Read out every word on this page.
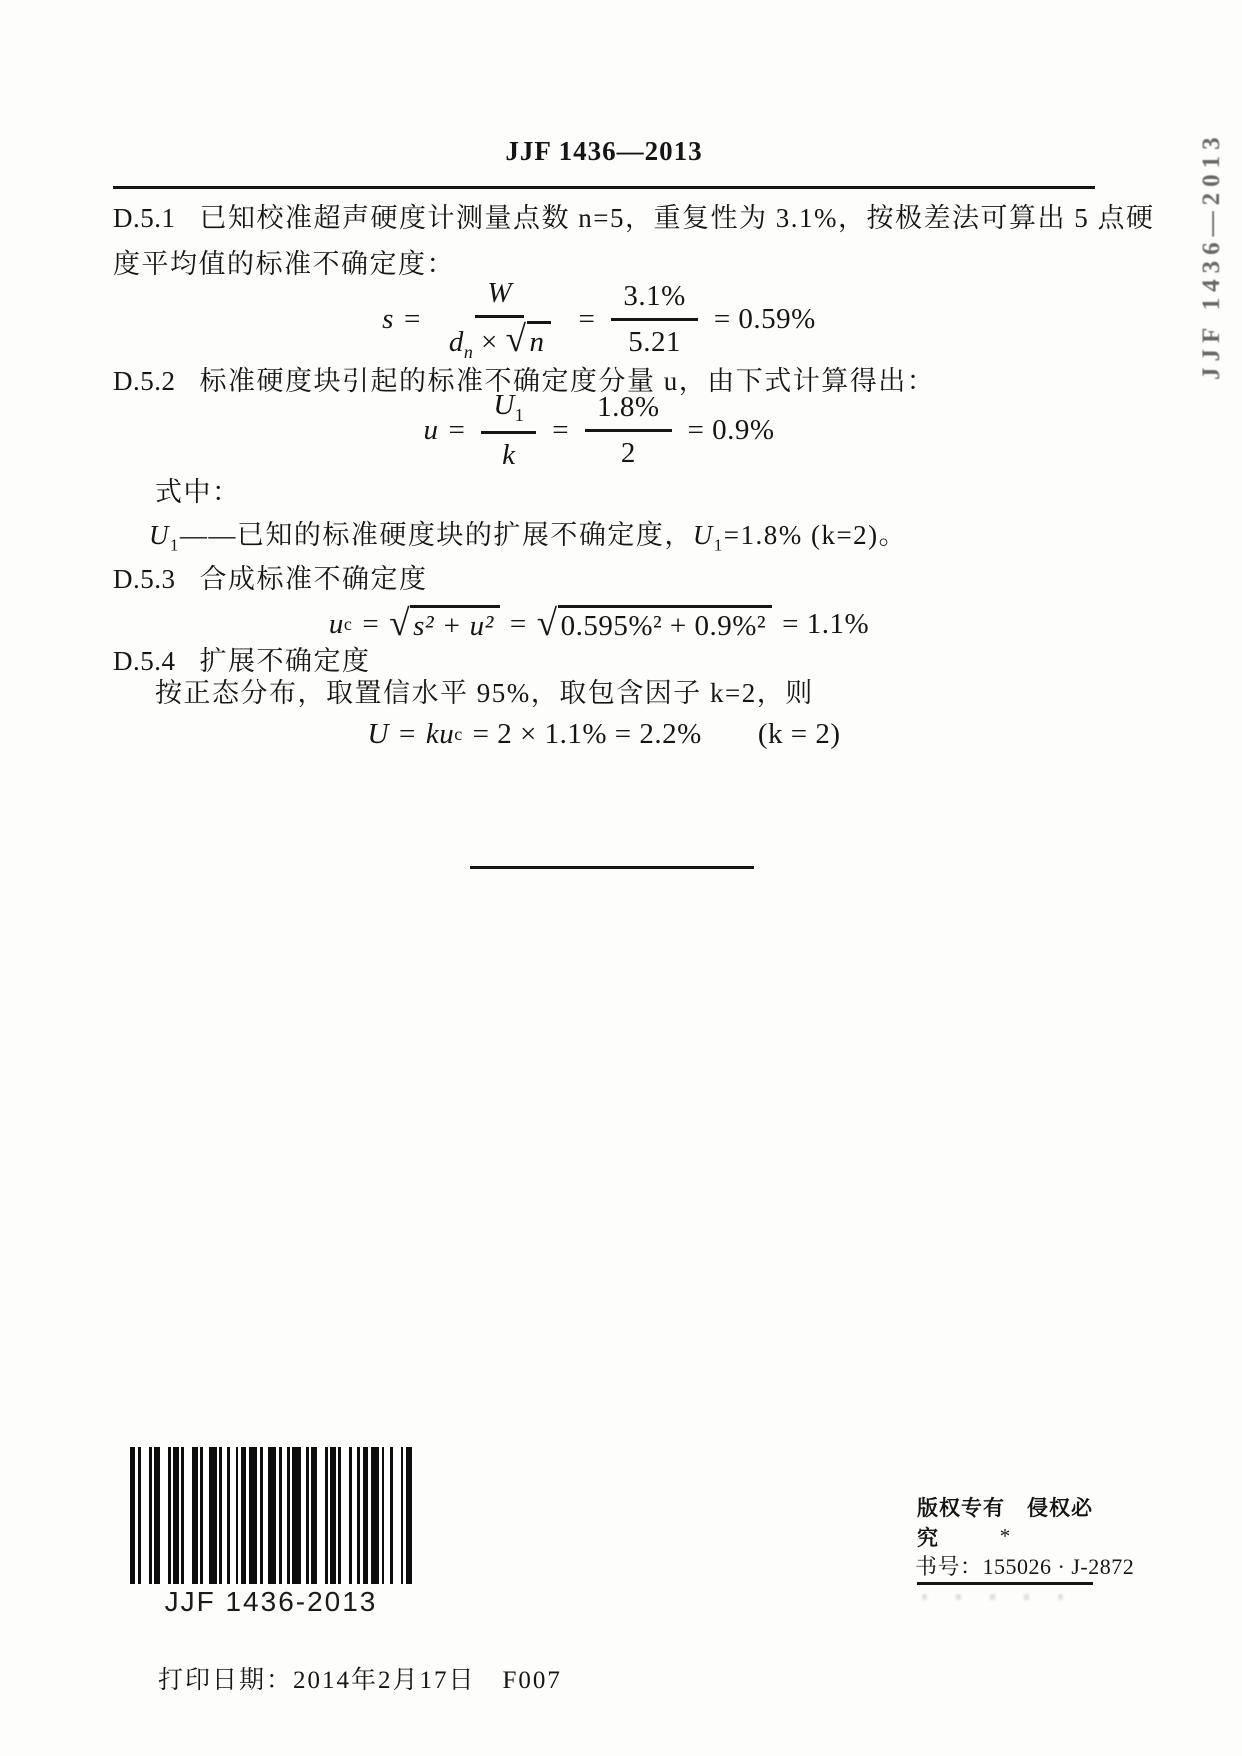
JJF 1436—2013
D.5.1 已知校准超声硬度计测量点数 n=5，重复性为 3.1%，按极差法可算出 5 点硬
度平均值的标准不确定度：
$s = \frac{W}{d_n \times √ n} = \frac{3.1\%}{5.21} = 0.59\%$
D.5.2 标准硬度块引起的标准不确定度分量 u，由下式计算得出：
$u = \frac{U_1}{k} = \frac{1.8\%}{2} = 0.9\%$
式中：
$U_1——$已知的标准硬度块的扩展不确定度，$U_1=1.8\%$ (k=2)。
D.5.3 合成标准不确定度
u c = √ s² + u² = √ 0.595%² + 0.9%² = 1.1%
D.5.4 扩展不确定度
按正态分布，取置信水平 95%，取包含因子 k=2，则
U = k u c = 2 × 1.1% = 2.2% (k = 2)
JJF 1436-2013
版权专有　侵权必究	*
书号：155026 · J-2872
打印日期：2014年2月17日　F007
JJF 1436—2013
